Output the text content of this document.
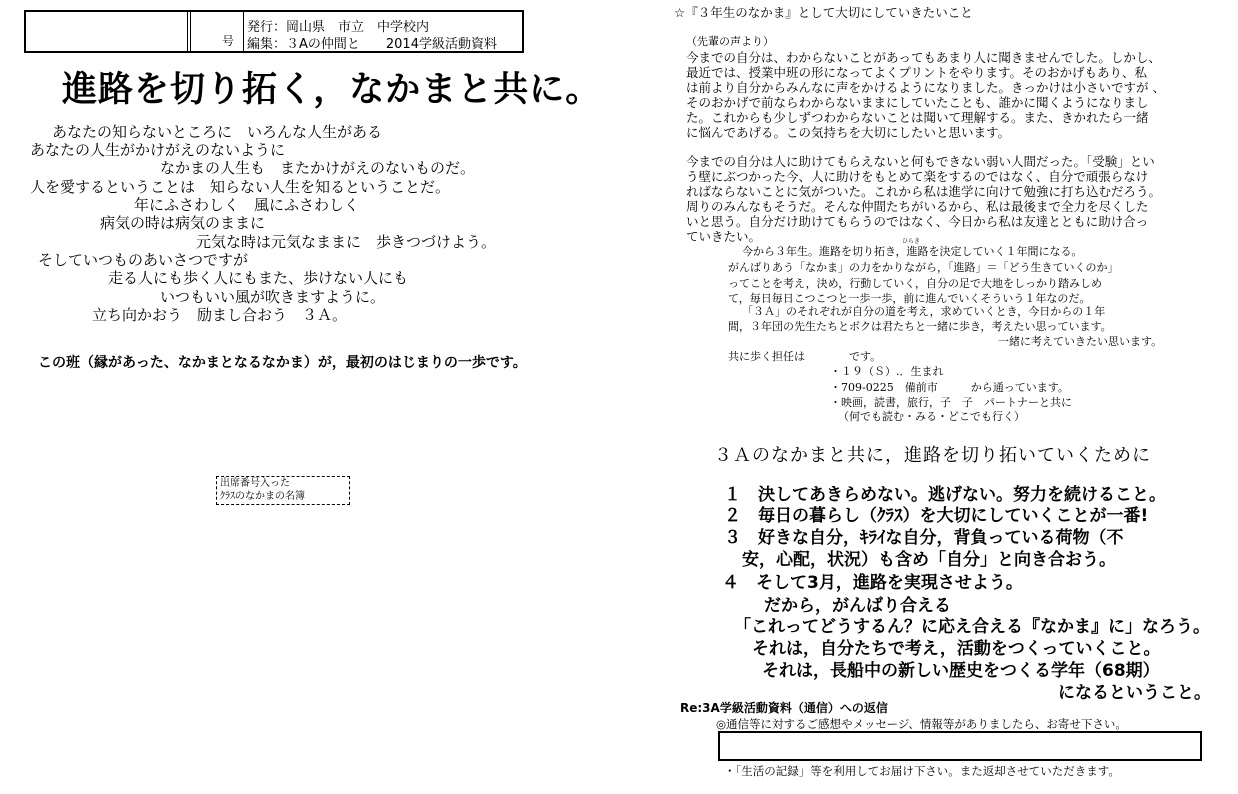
号
発行：岡山県　市立　中学校内
編集：３Aの仲間と　　2014学級活動資料
進路を切り拓く，なかまと共に。
あなたの知らないところに　いろんな人生がある
あなたの人生がかけがえのないように
なかまの人生も　またかけがえのないものだ。
人を愛するということは　知らない人生を知るということだ。
年にふさわしく　風にふさわしく
病気の時は病気のままに
元気な時は元気なままに　歩きつづけよう。
そしていつものあいさつですが
走る人にも歩く人にもまた、歩けない人にも
いつもいい風が吹きますように。
立ち向かおう　励まし合おう　３Ａ。
この班（縁があった、なかまとなるなかま）が，最初のはじまりの一歩です。
出席番号入った
ｸﾗｽのなかまの名簿
☆『３年生のなかま』として大切にしていきたいこと
（先輩の声より）
今までの自分は、わからないことがあってもあまり人に聞きませんでした。しかし、
最近では、授業中班の形になってよくプリントをやります。そのおかげもあり、私
は前より自分からみんなに声をかけるようになりました。きっかけは小さいですが 、
そのおかげで前ならわからないままにしていたことも、誰かに聞くようになりまし
た。これからも少しずつわからないことは聞いて理解する。また、きかれたら一緒
に悩んであげる。この気持ちを大切にしたいと思います。
今までの自分は人に助けてもらえないと何もできない弱い人間だった。「受験」とい
う壁にぶつかった今、人に助けをもとめて楽をするのではなく、自分で頑張らなけ
ればならないことに気がついた。これから私は進学に向けて勉強に打ち込むだろう。
周りのみんなもそうだ。そんな仲間たちがいるから、私は最後まで全力を尽くした
いと思う。自分だけ助けてもらうのではなく、今日から私は友達とともに助け合っ
ていきたい。	ひらき
今から３年生。進路を切り拓き，進路を決定していく１年間になる。
がんばりあう「なかま」の力をかりながら，「進路」＝「どう生きていくのか」
ってことを考え，決め，行動していく，自分の足で大地をしっかり踏みしめ
て，毎日毎日こつこつと一歩一歩，前に進んでいくそういう１年なのだ。
「３Ａ」のそれぞれが自分の道を考え，求めていくとき，今日からの１年
間，３年団の先生たちとボクは君たちと一緒に歩き，考えたい思っています。
一緒に考えていきたい思います。
共に歩く担任は　　　　です。
・１９（Ｓ）.．生まれ
・709-0225　備前市　　　から通っています。
・映画，読書，旅行，子　子　パートナーと共に
（何でも読む・みる・どこでも行く）
３Ａのなかまと共に，進路を切り拓いていくために
１　決してあきらめない。逃げない。努力を続けること。
２　毎日の暮らし（ｸﾗｽ）を大切にしていくことが一番!
３　好きな自分，ｷﾗｲな自分，背負っている荷物（不
安，心配，状況）も含め「自分」と向き合おう。
４　そして3月，進路を実現させよう。
だから，がんばり合える
「これってどうするん？に応え合える『なかま』に」なろう。
それは，自分たちで考え，活動をつくっていくこと。
それは，長船中の新しい歴史をつくる学年（68期）
になるということ。
Re:3A学級活動資料（通信）への返信
◎通信等に対するご感想やメッセージ、情報等がありましたら、お寄せ下さい。
・「生活の記録」等を利用してお届け下さい。また返却させていただきます。
